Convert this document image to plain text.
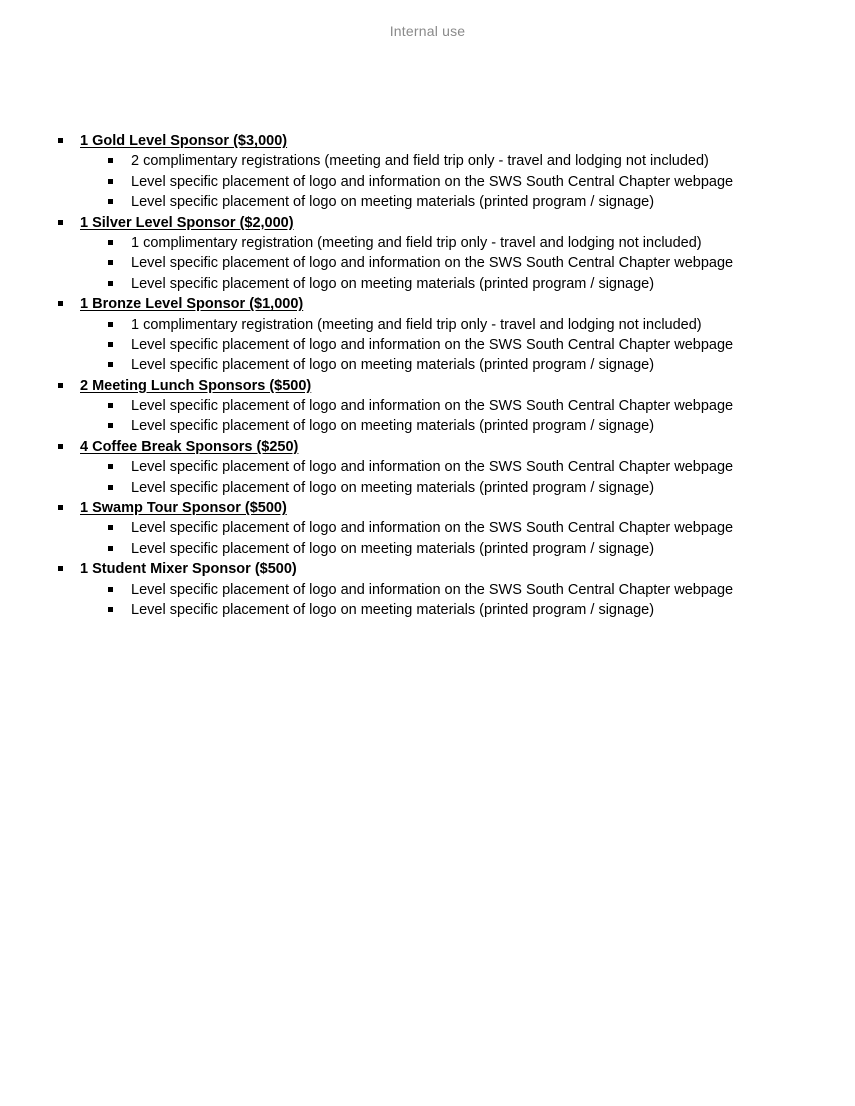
Internal use
1 Gold Level Sponsor ($3,000)
2 complimentary registrations (meeting and field trip only - travel and lodging not included)
Level specific placement of logo and information on the SWS South Central Chapter webpage
Level specific placement of logo on meeting materials (printed program / signage)
1 Silver Level Sponsor ($2,000)
1 complimentary registration (meeting and field trip only - travel and lodging not included)
Level specific placement of logo and information on the SWS South Central Chapter webpage
Level specific placement of logo on meeting materials (printed program / signage)
1 Bronze Level Sponsor ($1,000)
1 complimentary registration (meeting and field trip only - travel and lodging not included)
Level specific placement of logo and information on the SWS South Central Chapter webpage
Level specific placement of logo on meeting materials (printed program / signage)
2 Meeting Lunch Sponsors ($500)
Level specific placement of logo and information on the SWS South Central Chapter webpage
Level specific placement of logo on meeting materials (printed program / signage)
4 Coffee Break Sponsors ($250)
Level specific placement of logo and information on the SWS South Central Chapter webpage
Level specific placement of logo on meeting materials (printed program / signage)
1 Swamp Tour Sponsor ($500)
Level specific placement of logo and information on the SWS South Central Chapter webpage
Level specific placement of logo on meeting materials (printed program / signage)
1 Student Mixer Sponsor ($500)
Level specific placement of logo and information on the SWS South Central Chapter webpage
Level specific placement of logo on meeting materials (printed program / signage)
